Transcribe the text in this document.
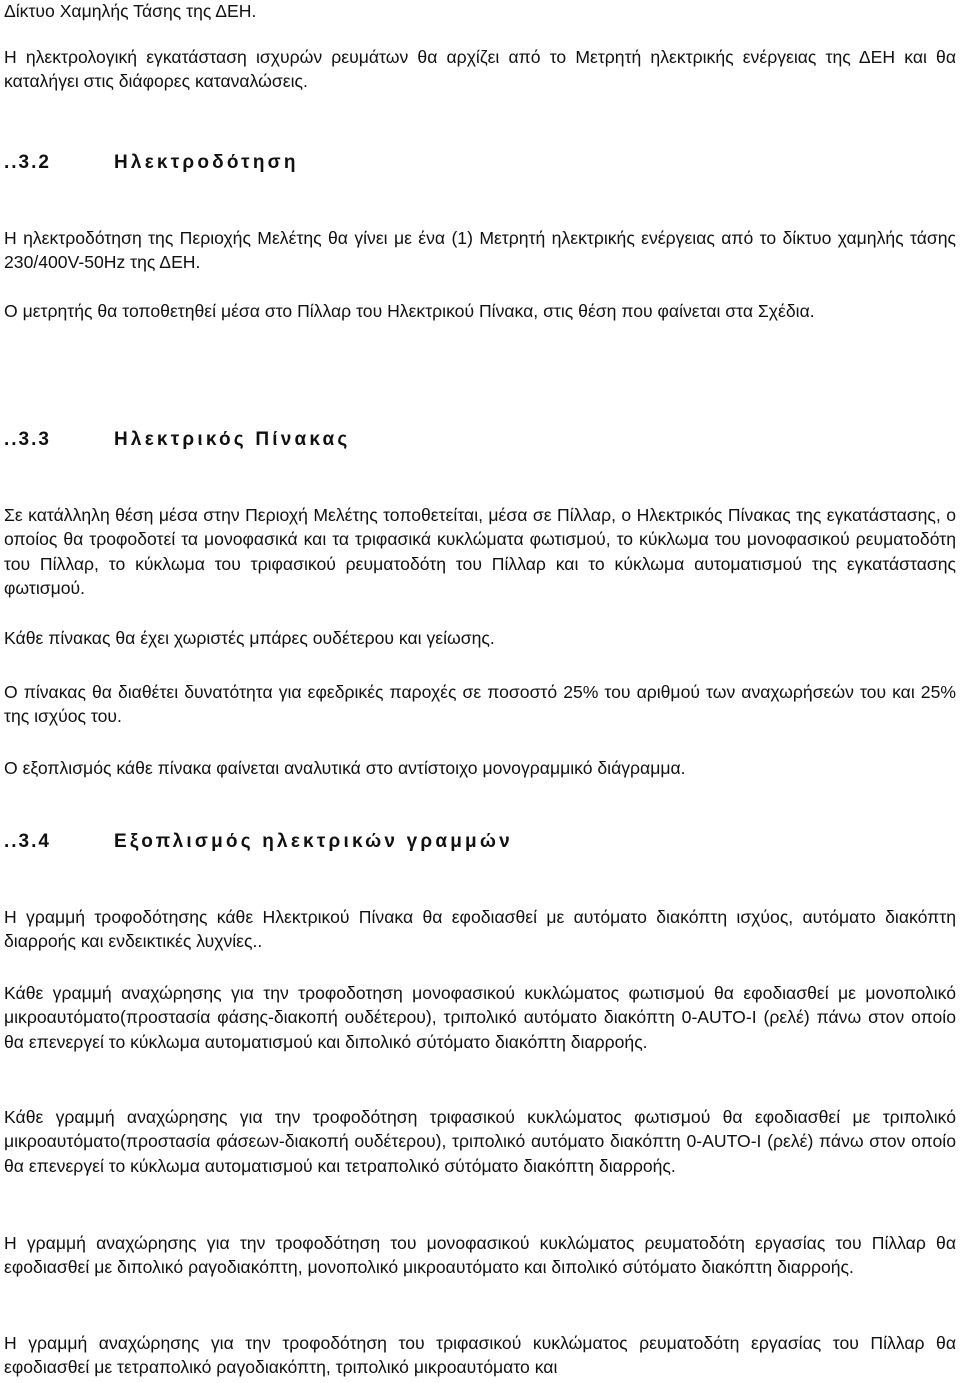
Δίκτυο Χαμηλής Τάσης της ΔΕΗ.

Η ηλεκτρολογική εγκατάσταση ισχυρών ρευμάτων θα αρχίζει από το Μετρητή ηλεκτρικής ενέργειας της ΔΕΗ και θα καταλήγει στις διάφορες καταναλώσεις.

..3.2	Ηλεκτροδότηση

Η ηλεκτροδότηση της Περιοχής Μελέτης θα γίνει με ένα (1) Μετρητή ηλεκτρικής ενέργειας από το δίκτυο χαμηλής τάσης 230/400V-50Hz της ΔΕΗ.

Ο μετρητής θα τοποθετηθεί μέσα στο Πίλλαρ του Ηλεκτρικού Πίνακα, στις θέση που φαίνεται στα Σχέδια.

..3.3	Ηλεκτρικός Πίνακας

Σε κατάλληλη θέση μέσα στην Περιοχή Μελέτης τοποθετείται, μέσα σε Πίλλαρ, ο Ηλεκτρικός Πίνακας της εγκατάστασης, ο οποίος θα τροφοδοτεί τα μονοφασικά και τα τριφασικά κυκλώματα φωτισμού, το κύκλωμα του μονοφασικού ρευματοδότη του Πίλλαρ, το κύκλωμα του τριφασικού ρευματοδότη του Πίλλαρ και το κύκλωμα αυτοματισμού της εγκατάστασης φωτισμού.

Κάθε πίνακας θα έχει χωριστές μπάρες ουδέτερου και γείωσης.

Ο πίνακας θα διαθέτει δυνατότητα για εφεδρικές παροχές σε ποσοστό 25% του αριθμού των αναχωρήσεών του και 25% της ισχύος του.

Ο εξοπλισμός κάθε πίνακα φαίνεται αναλυτικά στο αντίστοιχο μονογραμμικό διάγραμμα.

..3.4	Εξοπλισμός ηλεκτρικών γραμμών

Η γραμμή τροφοδότησης κάθε Ηλεκτρικού Πίνακα θα εφοδιασθεί με αυτόματο διακόπτη ισχύος, αυτόματο διακόπτη διαρροής και ενδεικτικές λυχνίες..

Κάθε γραμμή αναχώρησης για την τροφοδοτηση μονοφασικού κυκλώματος φωτισμού θα εφοδιασθεί με μονοπολικό μικροαυτόματο(προστασία φάσης-διακοπή ουδέτερου), τριπολικό αυτόματο διακόπτη 0-AUTO-I (ρελέ) πάνω στον οποίο θα επενεργεί το κύκλωμα αυτοματισμού και διπολικό σύτόματο διακόπτη διαρροής.

Κάθε γραμμή αναχώρησης για την τροφοδότηση τριφασικού κυκλώματος φωτισμού θα εφοδιασθεί με τριπολικό μικροαυτόματο(προστασία φάσεων-διακοπή ουδέτερου), τριπολικό αυτόματο διακόπτη 0-AUTO-I (ρελέ) πάνω στον οποίο θα επενεργεί το κύκλωμα αυτοματισμού και τετραπολικό σύτόματο διακόπτη διαρροής.

Η γραμμή αναχώρησης για την τροφοδότηση του μονοφασικού κυκλώματος ρευματοδότη εργασίας του Πίλλαρ θα εφοδιασθεί με διπολικό ραγοδιακόπτη, μονοπολικό μικροαυτόματο και διπολικό σύτόματο διακόπτη διαρροής.

Η γραμμή αναχώρησης για την τροφοδότηση του τριφασικού κυκλώματος ρευματοδότη εργασίας του Πίλλαρ θα εφοδιασθεί με τετραπολικό ραγοδιακόπτη, τριπολικό μικροαυτόματο και
